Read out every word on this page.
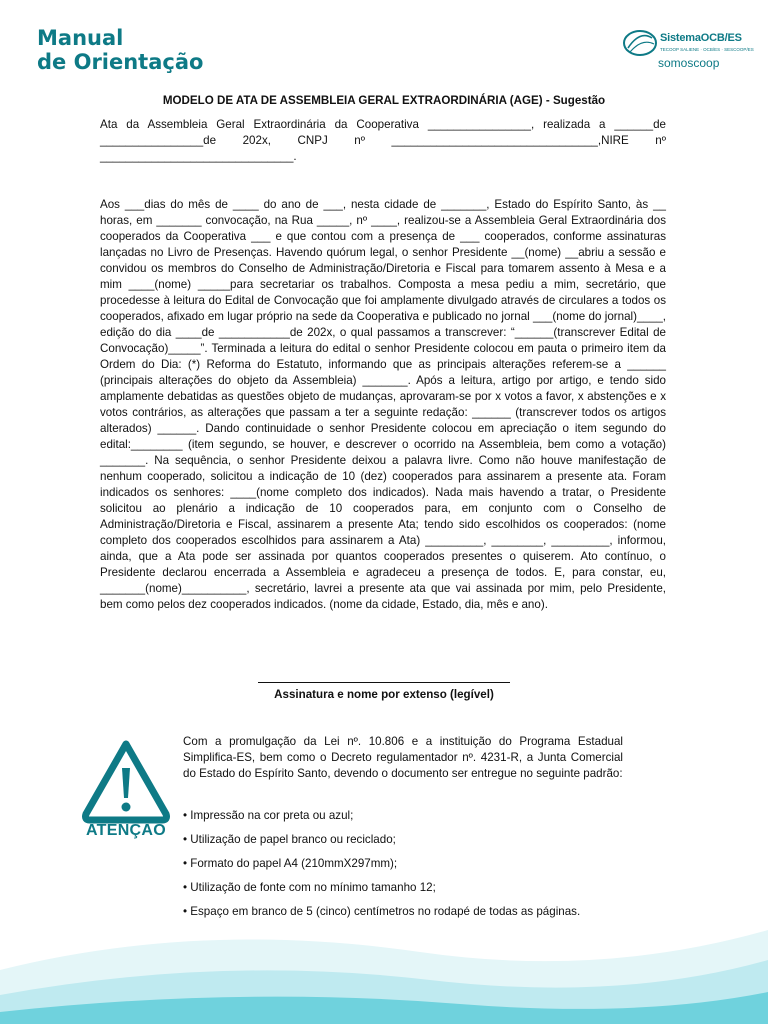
Manual
de Orientação
SistemaOCB/ES
TECOOP SALIENE · OCB/ES · SESCOOP/ES
somoscoop
MODELO DE ATA DE ASSEMBLEIA GERAL EXTRAORDINÁRIA (AGE) - Sugestão
Ata da Assembleia Geral Extraordinária da Cooperativa ________________, realizada a ______de ________________de 202x, CNPJ nº ________________________________,NIRE nº ______________________________.
Aos ___dias do mês de ____ do ano de ___, nesta cidade de _______, Estado do Espírito Santo, às __ horas, em _______ convocação, na Rua _____, nº ____, realizou-se a Assembleia Geral Extraordinária dos cooperados da Cooperativa ___ e que contou com a presença de ___ cooperados, conforme assinaturas lançadas no Livro de Presenças. Havendo quórum legal, o senhor Presidente __(nome) __abriu a sessão e convidou os membros do Conselho de Administração/Diretoria e Fiscal para tomarem assento à Mesa e a mim ____(nome) _____para secretariar os trabalhos. Composta a mesa pediu a mim, secretário, que procedesse à leitura do Edital de Convocação que foi amplamente divulgado através de circulares a todos os cooperados, afixado em lugar próprio na sede da Cooperativa e publicado no jornal ___(nome do jornal)____, edição do dia ____de ___________de 202x, o qual passamos a transcrever: “______(transcrever Edital de Convocação)_____”. Terminada a leitura do edital o senhor Presidente colocou em pauta o primeiro item da Ordem do Dia: (*) Reforma do Estatuto, informando que as principais alterações referem-se a ______ (principais alterações do objeto da Assembleia) _______. Após a leitura, artigo por artigo, e tendo sido amplamente debatidas as questões objeto de mudanças, aprovaram-se por x votos a favor, x abstenções e x votos contrários, as alterações que passam a ter a seguinte redação: ______ (transcrever todos os artigos alterados) ______. Dando continuidade o senhor Presidente colocou em apreciação o item segundo do edital:________ (item segundo, se houver, e descrever o ocorrido na Assembleia, bem como a votação) _______. Na sequência, o senhor Presidente deixou a palavra livre. Como não houve manifestação de nenhum cooperado, solicitou a indicação de 10 (dez) cooperados para assinarem a presente ata. Foram indicados os senhores: ____(nome completo dos indicados). Nada mais havendo a tratar, o Presidente solicitou ao plenário a indicação de 10 cooperados para, em conjunto com o Conselho de Administração/Diretoria e Fiscal, assinarem a presente Ata; tendo sido escolhidos os cooperados: (nome completo dos cooperados escolhidos para assinarem a Ata) _________, ________, _________, informou, ainda, que a Ata pode ser assinada por quantos cooperados presentes o quiserem. Ato contínuo, o Presidente declarou encerrada a Assembleia e agradeceu a presença de todos. E, para constar, eu, _______(nome)__________, secretário, lavrei a presente ata que vai assinada por mim, pelo Presidente, bem como pelos dez cooperados indicados. (nome da cidade, Estado, dia, mês e ano).
Assinatura e nome por extenso (legível)
ATENÇÃO
Com a promulgação da Lei nº. 10.806 e a instituição do Programa Estadual Simplifica-ES, bem como o Decreto regulamentador nº. 4231-R, a Junta Comercial do Estado do Espírito Santo, devendo o documento ser entregue no seguinte padrão:
• Impressão na cor preta ou azul;
• Utilização de papel branco ou reciclado;
• Formato do papel A4 (210mmX297mm);
• Utilização de fonte com no mínimo tamanho 12;
• Espaço em branco de 5 (cinco) centímetros no rodapé de todas as páginas.
